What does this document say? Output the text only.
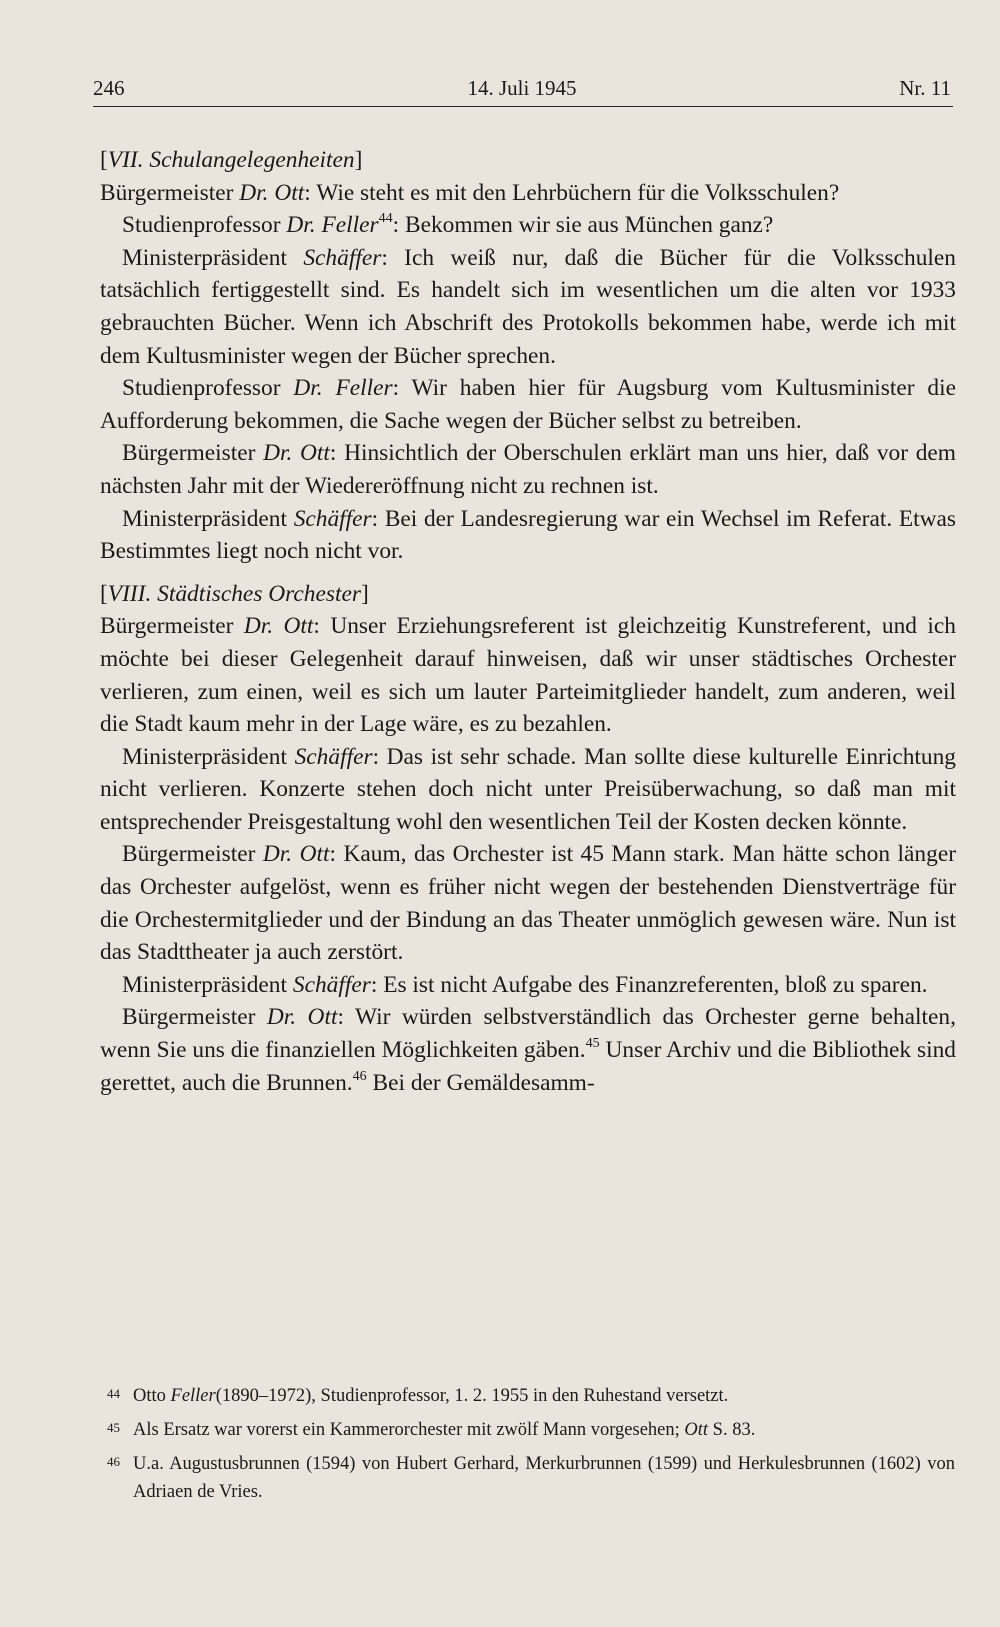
246	14. Juli 1945	Nr. 11

[VII. Schulangelegenheiten]

Bürgermeister Dr. Ott: Wie steht es mit den Lehrbüchern für die Volksschulen?

Studienprofessor Dr. Feller$^{44}$: Bekommen wir sie aus München ganz?

Ministerpräsident Schäffer: Ich weiß nur, daß die Bücher für die Volksschulen tatsächlich fertiggestellt sind. Es handelt sich im wesentlichen um die alten vor 1933 gebrauchten Bücher. Wenn ich Abschrift des Protokolls bekommen habe, werde ich mit dem Kultusminister wegen der Bücher sprechen.

Studienprofessor Dr. Feller: Wir haben hier für Augsburg vom Kultusminister die Aufforderung bekommen, die Sache wegen der Bücher selbst zu betreiben.

Bürgermeister Dr. Ott: Hinsichtlich der Oberschulen erklärt man uns hier, daß vor dem nächsten Jahr mit der Wiedereröffnung nicht zu rechnen ist.

Ministerpräsident Schäffer: Bei der Landesregierung war ein Wechsel im Referat. Etwas Bestimmtes liegt noch nicht vor.

[VIII. Städtisches Orchester]

Bürgermeister Dr. Ott: Unser Erziehungsreferent ist gleichzeitig Kunstreferent, und ich möchte bei dieser Gelegenheit darauf hinweisen, daß wir unser städtisches Orchester verlieren, zum einen, weil es sich um lauter Parteimitglieder handelt, zum anderen, weil die Stadt kaum mehr in der Lage wäre, es zu bezahlen.

Ministerpräsident Schäffer: Das ist sehr schade. Man sollte diese kulturelle Einrichtung nicht verlieren. Konzerte stehen doch nicht unter Preisüberwachung, so daß man mit entsprechender Preisgestaltung wohl den wesentlichen Teil der Kosten decken könnte.

Bürgermeister Dr. Ott: Kaum, das Orchester ist 45 Mann stark. Man hätte schon länger das Orchester aufgelöst, wenn es früher nicht wegen der bestehenden Dienstverträge für die Orchestermitglieder und der Bindung an das Theater unmöglich gewesen wäre. Nun ist das Stadttheater ja auch zerstört.

Ministerpräsident Schäffer: Es ist nicht Aufgabe des Finanzreferenten, bloß zu sparen.

Bürgermeister Dr. Ott: Wir würden selbstverständlich das Orchester gerne behalten, wenn Sie uns die finanziellen Möglichkeiten gäben.$^{45}$ Unser Archiv und die Bibliothek sind gerettet, auch die Brunnen.$^{46}$ Bei der Gemäldesamm-

44 Otto Feller(1890–1972), Studienprofessor, 1. 2. 1955 in den Ruhestand versetzt.

45 Als Ersatz war vorerst ein Kammerorchester mit zwölf Mann vorgesehen; Ott S. 83.

46 U.a. Augustusbrunnen (1594) von Hubert Gerhard, Merkurbrunnen (1599) und Herkulesbrunnen (1602) von Adriaen de Vries.
